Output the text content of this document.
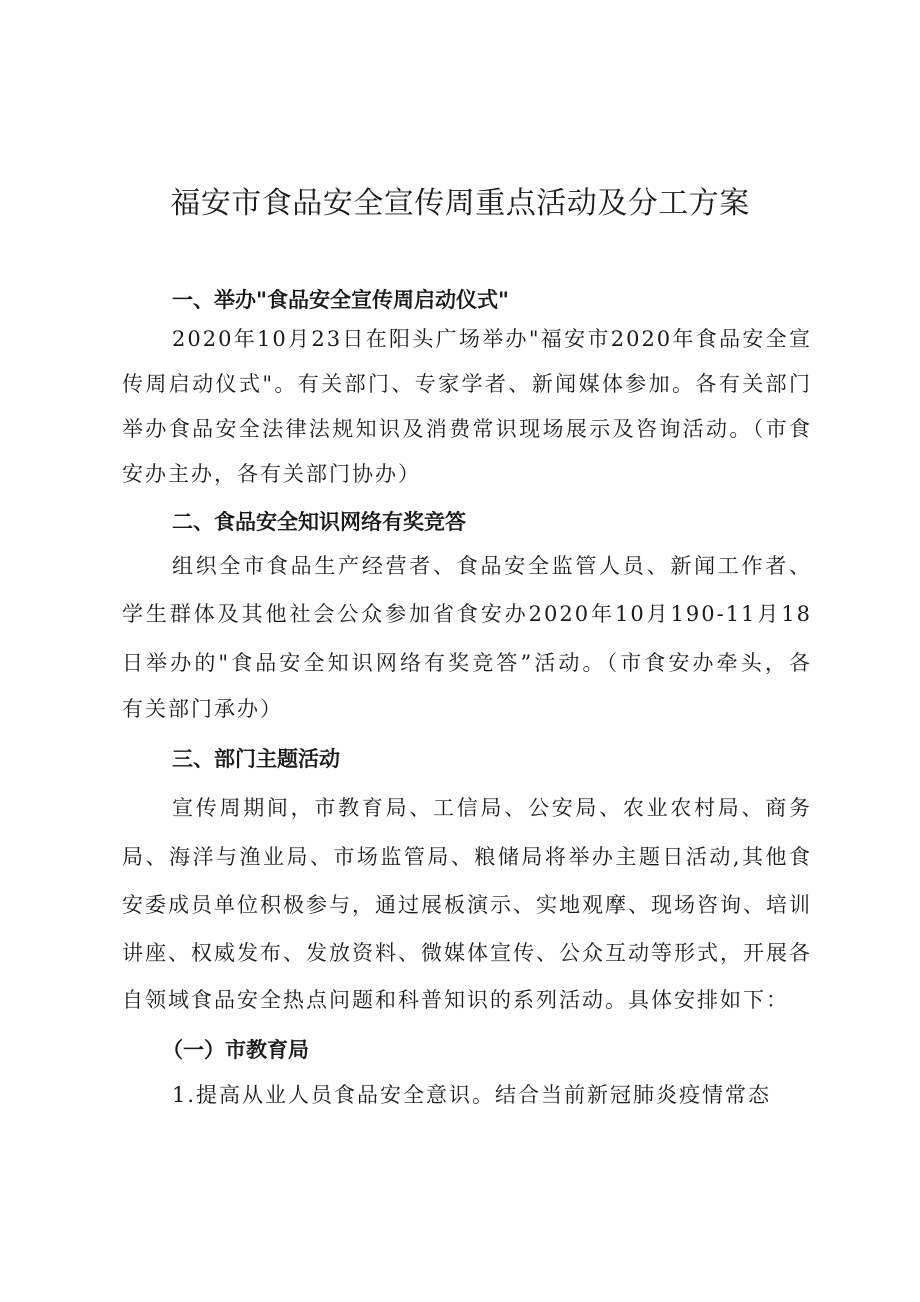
福安市食品安全宣传周重点活动及分工方案
一、举办"食品安全宣传周启动仪式"

2020年10月23日在阳头广场举办"福安市2020年食品安全宣

传周启动仪式"。有关部门、专家学者、新闻媒体参加。各有关部门

举办食品安全法律法规知识及消费常识现场展示及咨询活动。（市食

安办主办，各有关部门协办）

二、食品安全知识网络有奖竞答

组织全市食品生产经营者、食品安全监管人员、新闻工作者、

学生群体及其他社会公众参加省食安办2020年10月190-11月18

日举办的"食品安全知识网络有奖竞答”活动。（市食安办牵头，各

有关部门承办）

三、部门主题活动

宣传周期间，市教育局、工信局、公安局、农业农村局、商务

局、海洋与渔业局、市场监管局、粮储局将举办主题日活动,其他食

安委成员单位积极参与，通过展板演示、实地观摩、现场咨询、培训

讲座、权威发布、发放资料、微媒体宣传、公众互动等形式，开展各

自领域食品安全热点问题和科普知识的系列活动。具体安排如下：

（一）市教育局

1.提高从业人员食品安全意识。结合当前新冠肺炎疫情常态
